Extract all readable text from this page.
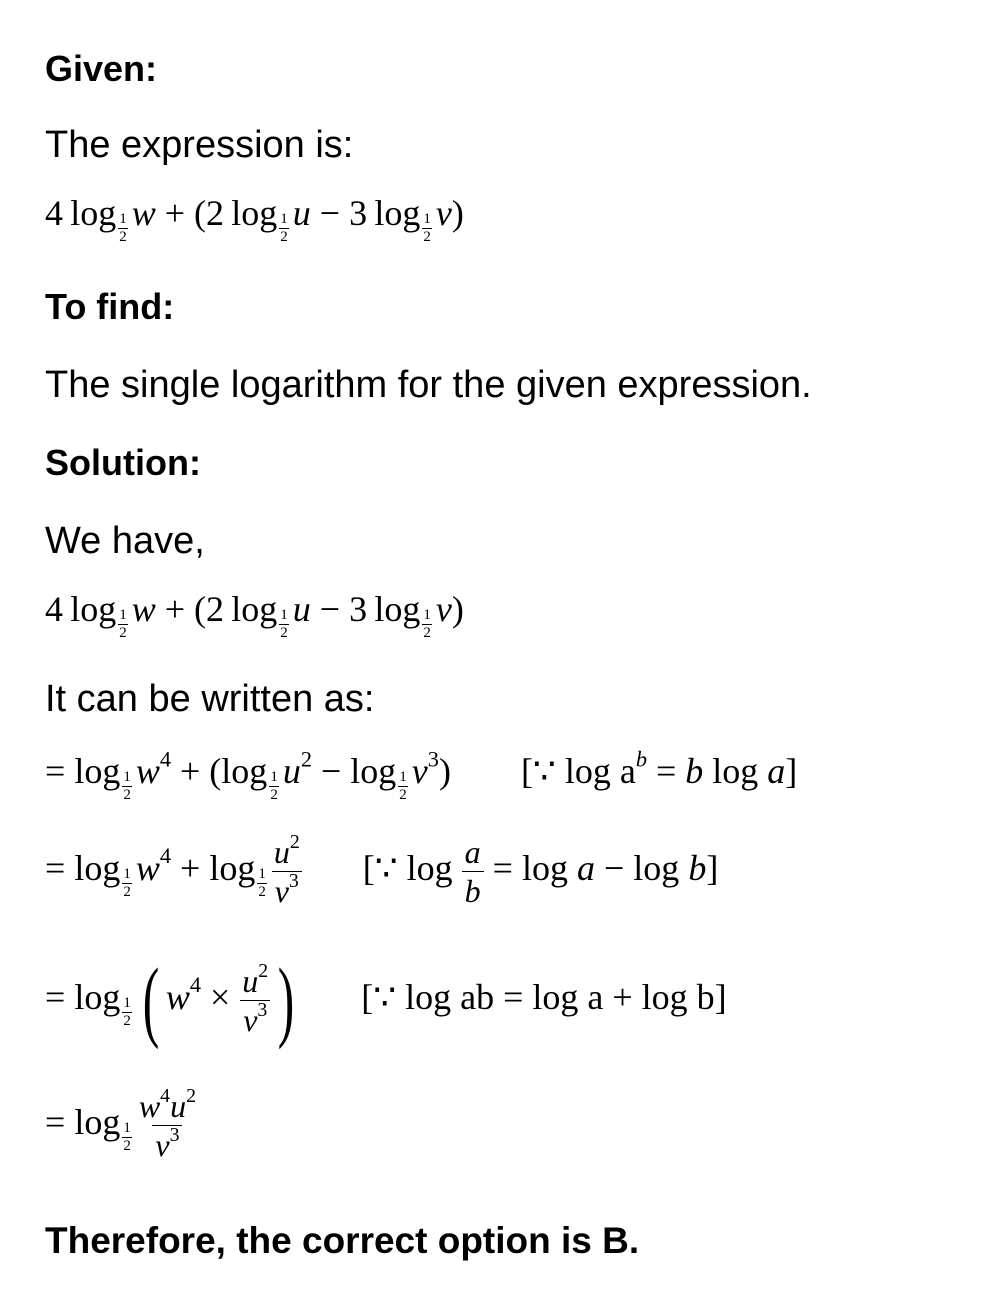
Given:
The expression is:
4  $\log \frac{1}{2}$ w + (2  $\log \frac{1}{2}$ u − 3  $\log \frac{1}{2} v$)
To find:
The single logarithm for the given expression.
Solution:
We have,
4  $\log \frac{1}{2}$ w + (2  $\log \frac{1}{2}$ u − 3  $\log \frac{1}{2} v$)
It can be written as:
= $\log \frac{1}{2} w^4 + (\log \frac{1}{2} u^2 - \log \frac{1}{2} v^3)$ [∵ $\log a^b = b$ log a]
= $\log \frac{1}{2} w^4 + \log \frac{1}{2} \frac{u^2}{v^3}$ [∵ $\log \frac{a}{b} = \log a - \log b$]
= $\log \frac{1}{2}$ ( $w^4 \times \frac{u^2}{v^3}$ ) [∵ log ab = log a + log b]
= $\log \frac{1}{2} \frac{w^4u^2}{v^3}$
Therefore, the correct option is B.
